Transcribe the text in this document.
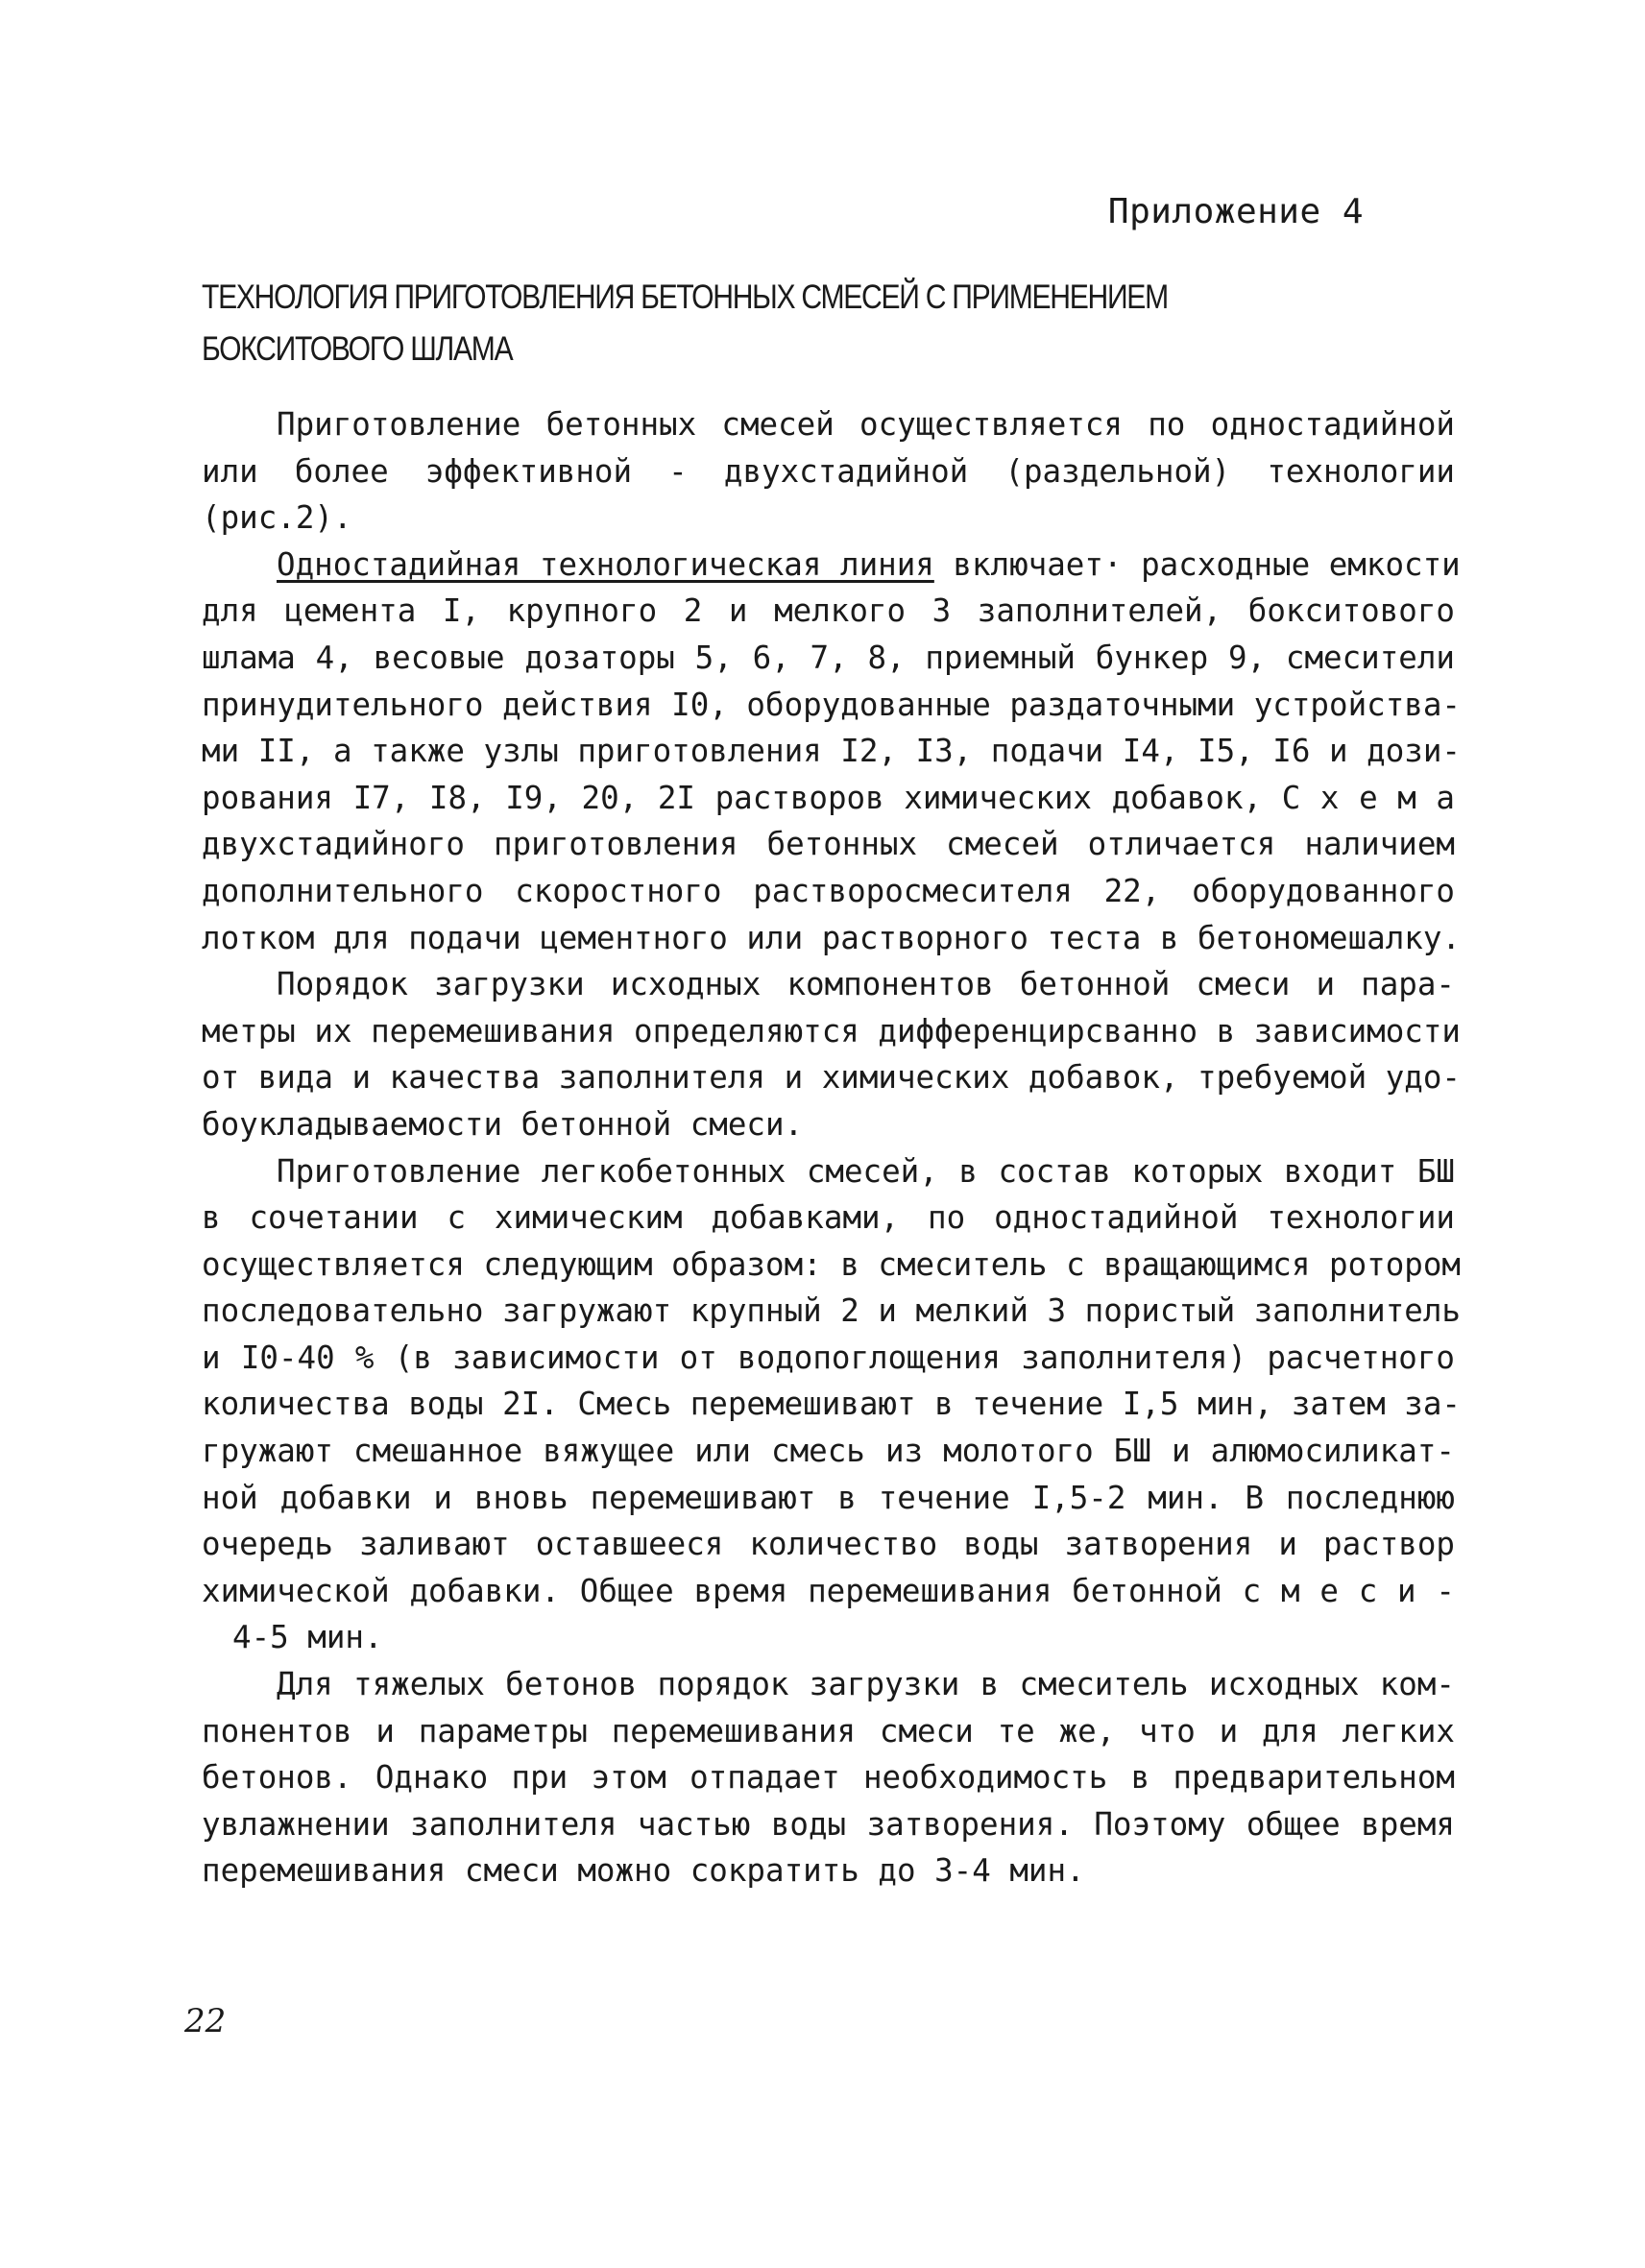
Приложение 4
ТЕХНОЛОГИЯ ПРИГОТОВЛЕНИЯ БЕТОННЫХ СМЕСЕЙ С ПРИМЕНЕНИЕМ
БОКСИТОВОГО ШЛАМА

Приготовление бетонных смесей осуществляется по одностадийной
или более эффективной - двухстадийной (раздельной) технологии
(рис.2).

Одностадийная технологическая линия включает· расходные емкости
для цемента I, крупного 2 и мелкого 3 заполнителей, бокситового
шлама 4, весовые дозаторы 5, 6, 7, 8, приемный бункер 9, смесители
принудительного действия I0, оборудованные раздаточными устройства-
ми II, а также узлы приготовления I2, I3, подачи I4, I5, I6 и дози-
рования I7, I8, I9, 20, 2I растворов химических добавок, С х е м а
двухстадийного приготовления бетонных смесей отличается наличием
дополнительного скоростного растворосмесителя 22, оборудованного
лотком для подачи цементного или растворного теста в бетономешалку.

Порядок загрузки исходных компонентов бетонной смеси и пара-
метры их перемешивания определяются дифференцирсванно в зависимости
от вида и качества заполнителя и химических добавок, требуемой удо-
боукладываемости бетонной смеси.

Приготовление легкобетонных смесей, в состав которых входит БШ
в сочетании с химическим добавками, по одностадийной технологии
осуществляется следующим образом: в смеситель с вращающимся ротором
последовательно загружают крупный 2 и мелкий 3 пористый заполнитель
и I0-40 % (в зависимости от водопоглощения заполнителя) расчетного
количества воды 2I. Смесь перемешивают в течение I,5 мин, затем за-
гружают смешанное вяжущее или смесь из молотого БШ и алюмосиликат-
ной добавки и вновь перемешивают в течение I,5-2 мин. В последнюю
очередь заливают оставшееся количество воды затворения и раствор
химической добавки. Общее время перемешивания бетонной с м е с и -
4-5 мин.

Для тяжелых бетонов порядок загрузки в смеситель исходных ком-
понентов и параметры перемешивания смеси те же, что и для легких
бетонов. Однако при этом отпадает необходимость в предварительном
увлажнении заполнителя частью воды затворения. Поэтому общее время
перемешивания смеси можно сократить до 3-4 мин.

22
